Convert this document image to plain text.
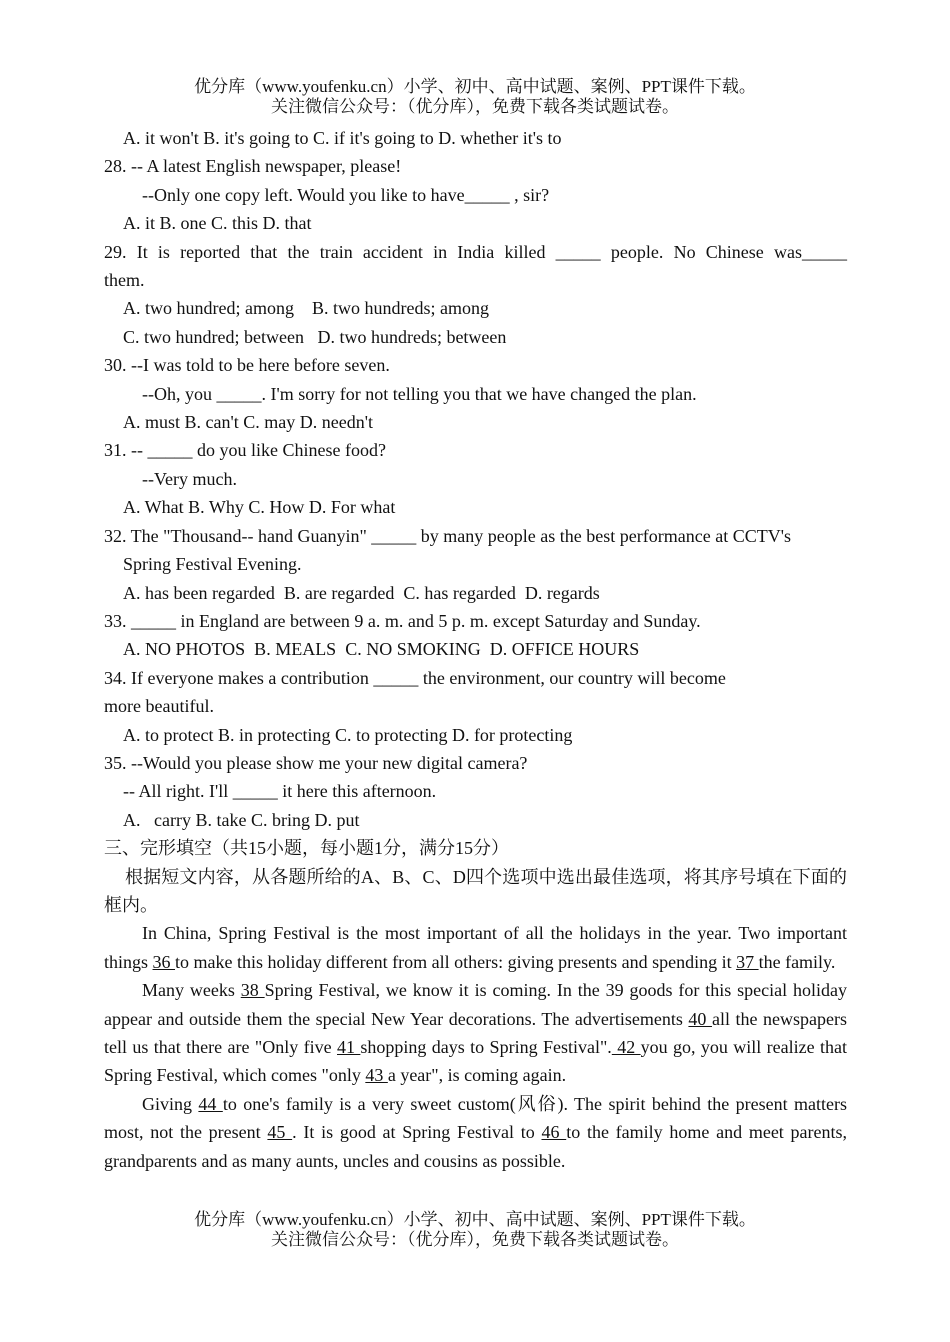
优分库（www.youfenku.cn）小学、初中、高中试题、案例、PPT课件下载。
关注微信公众号：（优分库），免费下载各类试题试卷。
A. it won't B. it's going to C. if it's going to D. whether it's to
28. -- A latest English newspaper, please!
--Only one copy left. Would you like to have_____ , sir?
A. it B. one C. this D. that
29. It is reported that the train accident in India killed _____ people. No Chinese was_____
them.
A. two hundred; among    B. two hundreds; among
C. two hundred; between   D. two hundreds; between
30. --I was told to be here before seven.
--Oh, you _____. I'm sorry for not telling you that we have changed the plan.
A. must B. can't C. may D. needn't
31. -- _____ do you like Chinese food?
--Very much.
A. What B. Why C. How D. For what
32. The "Thousand-- hand Guanyin" _____ by many people as the best performance at CCTV's
Spring Festival Evening.
A. has been regarded  B. are regarded  C. has regarded  D. regards
33. _____ in England are between 9 a. m. and 5 p. m. except Saturday and Sunday.
A. NO PHOTOS  B. MEALS  C. NO SMOKING  D. OFFICE HOURS
34. If everyone makes a contribution _____ the environment, our country will become
more beautiful.
A. to protect B. in protecting C. to protecting D. for protecting
35. --Would you please show me your new digital camera?
-- All right. I'll _____ it here this afternoon.
A.   carry B. take C. bring D. put
三、完形填空（共15小题，每小题1分，满分15分）
根据短文内容，从各题所给的A、B、C、D四个选项中选出最佳选项，将其序号填在下面的框内。
In China, Spring Festival is the most important of all the holidays in the year. Two important things 36 to make this holiday different from all others: giving presents and spending it 37 the family.
Many weeks 38 Spring Festival, we know it is coming. In the 39 goods for this special holiday appear and outside them the special New Year decorations. The advertisements 40 all the newspapers tell us that there are "Only five 41 shopping days to Spring Festival". 42 you go, you will realize that Spring Festival, which comes "only 43 a year", is coming again.
Giving 44 to one's family is a very sweet custom(风俗). The spirit behind the present matters most, not the present 45 . It is good at Spring Festival to 46 to the family home and meet parents, grandparents and as many aunts, uncles and cousins as possible.
优分库（www.youfenku.cn）小学、初中、高中试题、案例、PPT课件下载。
关注微信公众号：（优分库），免费下载各类试题试卷。
